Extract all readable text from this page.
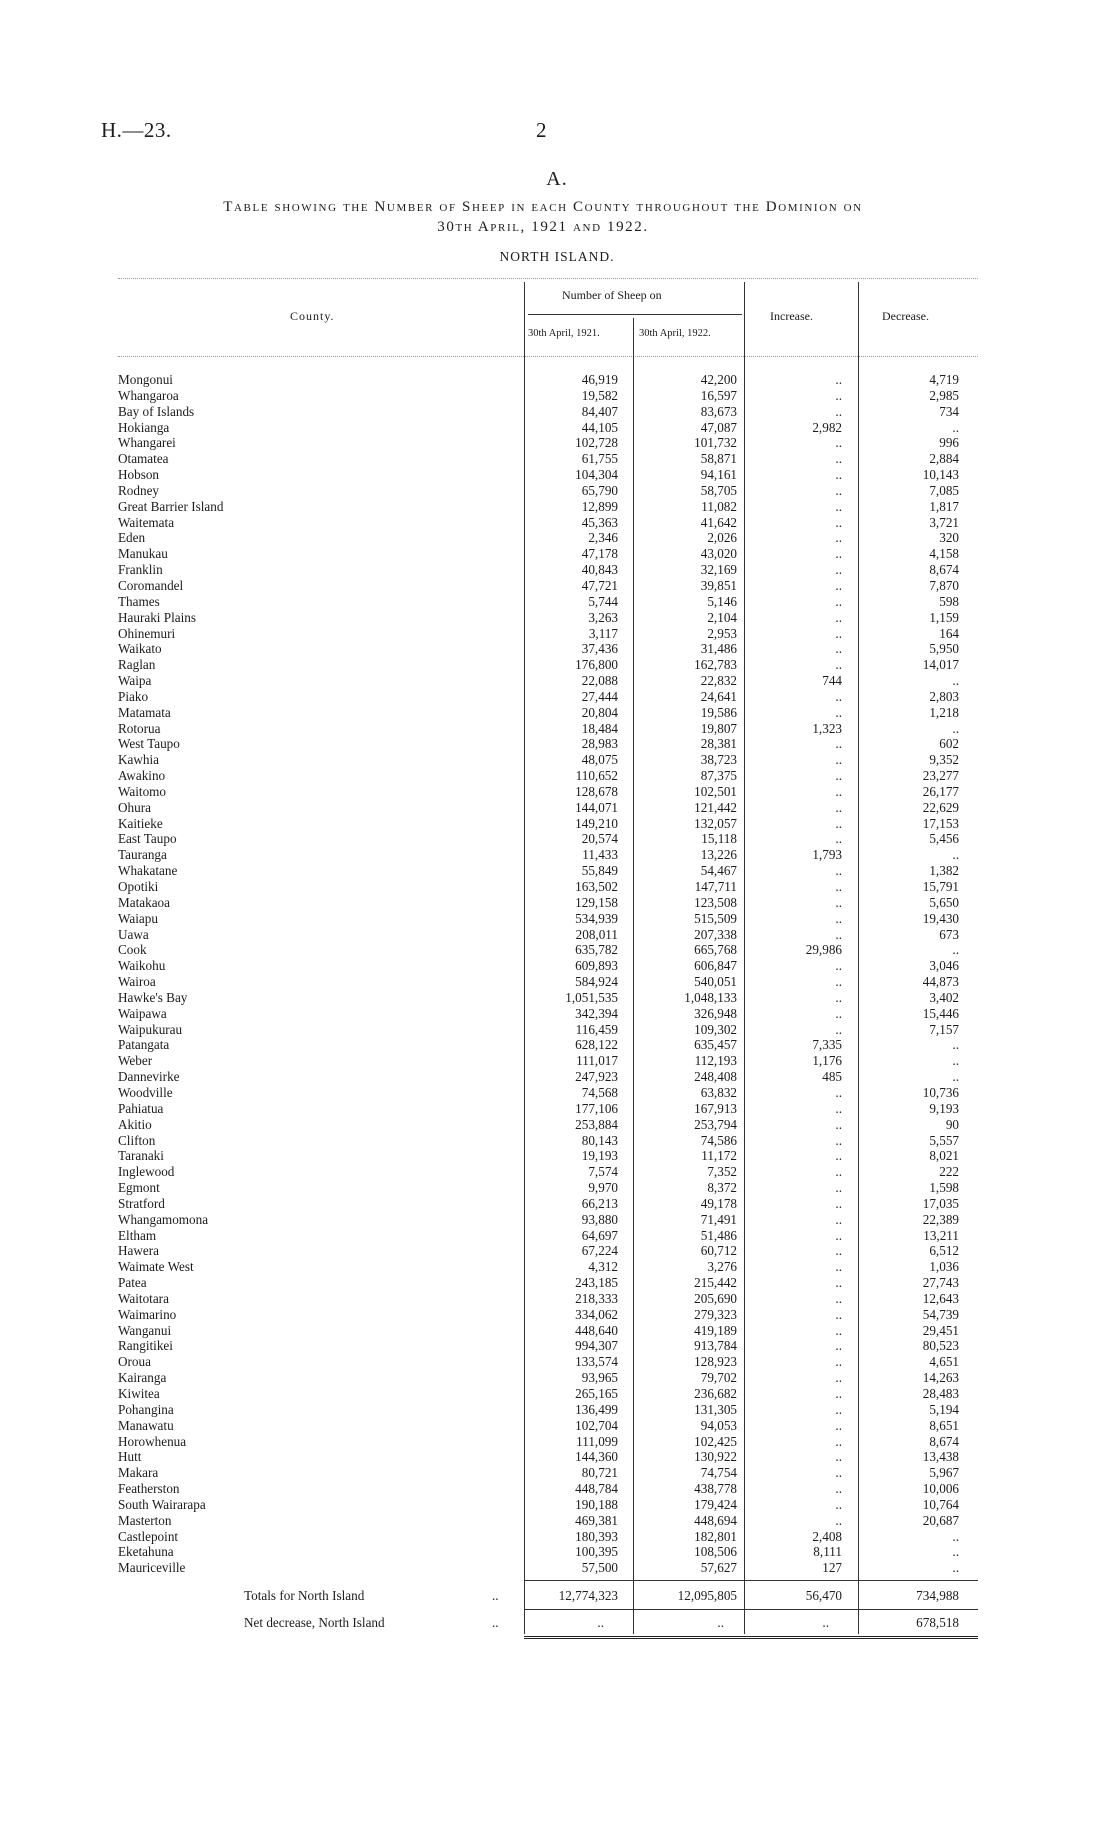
H.—23.	2
A.
Table showing the Number of Sheep in each County throughout the Dominion on
30th April, 1921 and 1922.
NORTH ISLAND.
County.
Number of Sheep on
30th April, 1921.	30th April, 1922.
Increase.	Decrease.
Mongonui	46,919	42,200	..	4,719
Whangaroa	19,582	16,597	..	2,985
Bay of Islands	84,407	83,673	..	734
Hokianga	44,105	47,087	2,982	..
Whangarei	102,728	101,732	..	996
Otamatea	61,755	58,871	..	2,884
Hobson	104,304	94,161	..	10,143
Rodney	65,790	58,705	..	7,085
Great Barrier Island	12,899	11,082	..	1,817
Waitemata	45,363	41,642	..	3,721
Eden	2,346	2,026	..	320
Manukau	47,178	43,020	..	4,158
Franklin	40,843	32,169	..	8,674
Coromandel	47,721	39,851	..	7,870
Thames	5,744	5,146	..	598
Hauraki Plains	3,263	2,104	..	1,159
Ohinemuri	3,117	2,953	..	164
Waikato	37,436	31,486	..	5,950
Raglan	176,800	162,783	..	14,017
Waipa	22,088	22,832	744	..
Piako	27,444	24,641	..	2,803
Matamata	20,804	19,586	..	1,218
Rotorua	18,484	19,807	1,323	..
West Taupo	28,983	28,381	..	602
Kawhia	48,075	38,723	..	9,352
Awakino	110,652	87,375	..	23,277
Waitomo	128,678	102,501	..	26,177
Ohura	144,071	121,442	..	22,629
Kaitieke	149,210	132,057	..	17,153
East Taupo	20,574	15,118	..	5,456
Tauranga	11,433	13,226	1,793	..
Whakatane	55,849	54,467	..	1,382
Opotiki	163,502	147,711	..	15,791
Matakaoa	129,158	123,508	..	5,650
Waiapu	534,939	515,509	..	19,430
Uawa	208,011	207,338	..	673
Cook	635,782	665,768	29,986	..
Waikohu	609,893	606,847	..	3,046
Wairoa	584,924	540,051	..	44,873
Hawke's Bay	1,051,535	1,048,133	..	3,402
Waipawa	342,394	326,948	..	15,446
Waipukurau	116,459	109,302	..	7,157
Patangata	628,122	635,457	7,335	..
Weber	111,017	112,193	1,176	..
Dannevirke	247,923	248,408	485	..
Woodville	74,568	63,832	..	10,736
Pahiatua	177,106	167,913	..	9,193
Akitio	253,884	253,794	..	90
Clifton	80,143	74,586	..	5,557
Taranaki	19,193	11,172	..	8,021
Inglewood	7,574	7,352	..	222
Egmont	9,970	8,372	..	1,598
Stratford	66,213	49,178	..	17,035
Whangamomona	93,880	71,491	..	22,389
Eltham	64,697	51,486	..	13,211
Hawera	67,224	60,712	..	6,512
Waimate West	4,312	3,276	..	1,036
Patea	243,185	215,442	..	27,743
Waitotara	218,333	205,690	..	12,643
Waimarino	334,062	279,323	..	54,739
Wanganui	448,640	419,189	..	29,451
Rangitikei	994,307	913,784	..	80,523
Oroua	133,574	128,923	..	4,651
Kairanga	93,965	79,702	..	14,263
Kiwitea	265,165	236,682	..	28,483
Pohangina	136,499	131,305	..	5,194
Manawatu	102,704	94,053	..	8,651
Horowhenua	111,099	102,425	..	8,674
Hutt	144,360	130,922	..	13,438
Makara	80,721	74,754	..	5,967
Featherston	448,784	438,778	..	10,006
South Wairarapa	190,188	179,424	..	10,764
Masterton	469,381	448,694	..	20,687
Castlepoint	180,393	182,801	2,408	..
Eketahuna	100,395	108,506	8,111	..
Mauriceville	57,500	57,627	127	..
Totals for North Island	..	12,774,323	12,095,805	56,470	734,988
Net decrease, North Island	..	..	..	..	678,518
